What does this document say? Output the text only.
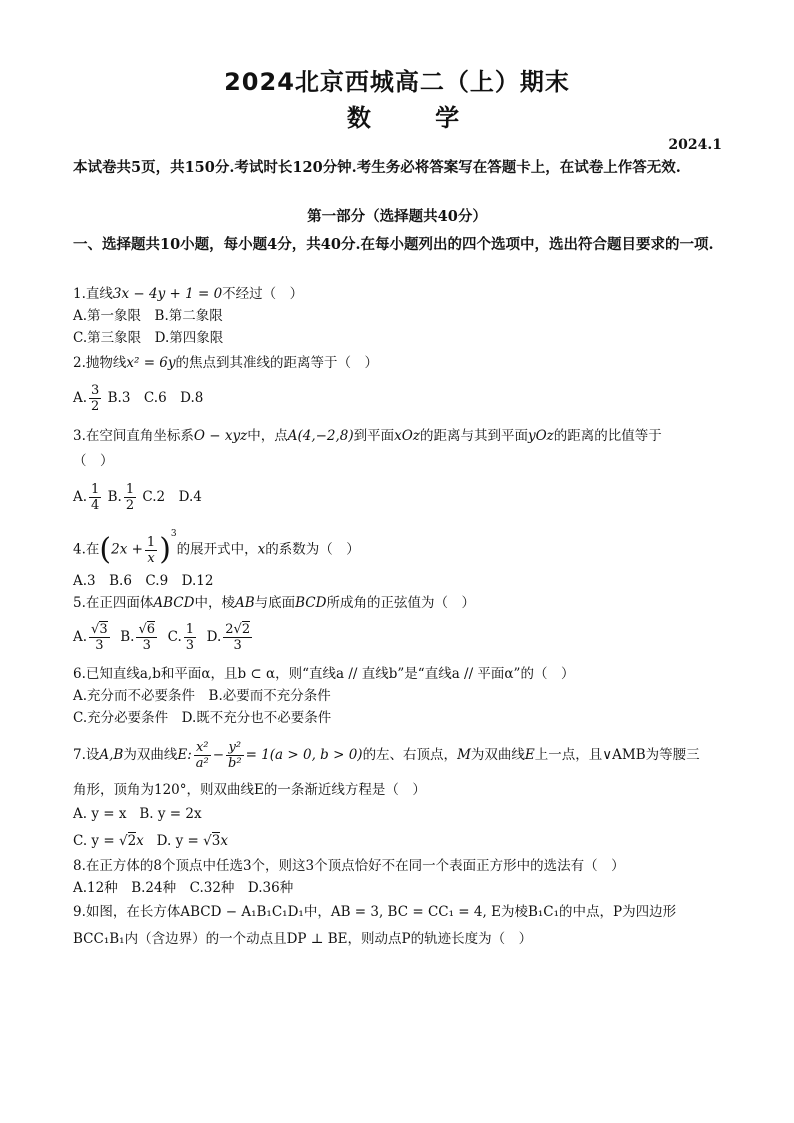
2024北京西城高二（上）期末
数 学
2024.1
本试卷共5页，共150分.考试时长120分钟.考生务必将答案写在答题卡上，在试卷上作答无效.
第一部分（选择题共40分）
一、选择题共10小题，每小题4分，共40分.在每小题列出的四个选项中，选出符合题目要求的一项.
1.直线3x − 4y + 1 = 0不经过（　）
A.第一象限　B.第二象限
C.第三象限　D.第四象限
2.抛物线x² = 6y的焦点到其准线的距离等于（　）
A. $\frac{3}{2} B.3$　C.6　D.8
3.在空间直角坐标系O − xyz中，点A(4,−2,8)到平面xOz的距离与其到平面yOz的距离的比值等于
（　）
A. $\frac{1}{4} B$. $\frac{1}{2} C.2$　D.4
4.在$(2x + \frac{1}{x} )^3$的展开式中，x的系数为（　）
A.3　B.6　C.9　D.12
5.在正四面体ABCD中，棱AB与底面BCD所成角的正弦值为（　）
A. $\frac{√3}{3} B$. $\frac{√6}{3} C$. $\frac{1}{3} D$. $\frac{2√2}{3}$
6.已知直线a,b和平面α，且b ⊂ α，则“直线a // 直线b”是“直线a // 平面α”的（　）
A.充分而不必要条件　B.必要而不充分条件
C.充分必要条件　D.既不充分也不必要条件
7.设A,B为双曲线E: $\frac{\text{x²}}{\text{a²}} - \frac{\text{y²}}{\text{b²}} = 1(a > 0$, b > 0)的左、右顶点，M为双曲线E上一点，且∨AMB为等腰三
角形，顶角为120°，则双曲线E的一条渐近线方程是（　）
A. y = x B. y = 2x
C. y = √2x D. y = √3x
8.在正方体的8个顶点中任选3个，则这3个顶点恰好不在同一个表面正方形中的选法有（　）
A.12种　B.24种　C.32种　D.36种
9.如图，在长方体ABCD − A₁B₁C₁D₁中，AB = 3, BC = CC₁ = 4, E为棱B₁C₁的中点，P为四边形
BCC₁B₁内（含边界）的一个动点且DP ⊥ BE，则动点P的轨迹长度为（　）
